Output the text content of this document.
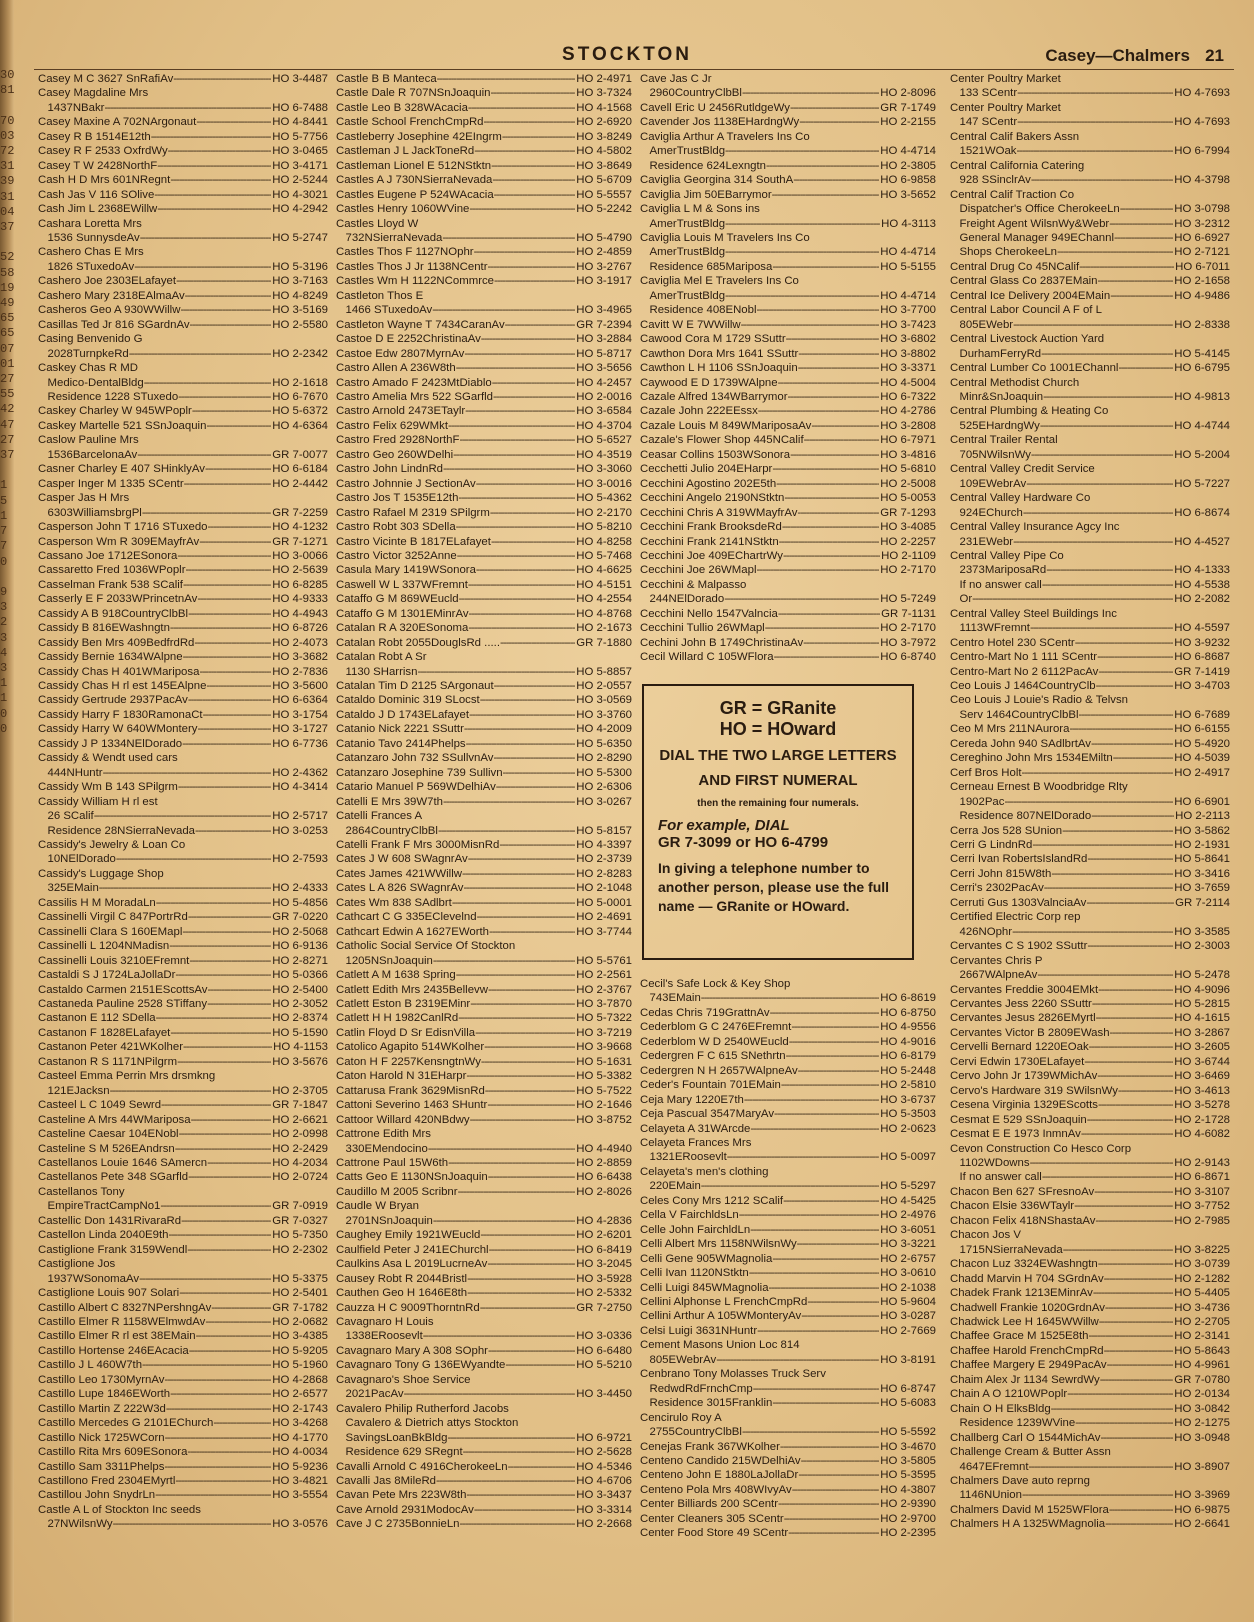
30
81

70
03
72
31
39
31
04
37

52
58
19
49
65
65
07
01
27
55
42
47
27
37

1
5
1
7
7
0

9
3
2
3
4
3
1
1
0
0
STOCKTON	Casey—Chalmers 21
Casey M C 3627 SnRafiAv -----	HO 3-4487
Casey Magdaline Mrs
1437NBakr -----	HO 6-7488
Casey Maxine A 702NArgonaut -----	HO 4-8441
Casey R B 1514E12th -----	HO 5-7756
Casey R F 2533 OxfrdWy -----	HO 3-0465
Casey T W 2428NorthF -----	HO 3-4171
Cash H D Mrs 601NRegnt -----	HO 2-5244
Cash Jas V 116 SOlive -----	HO 4-3021
Cash Jim L 2368EWillw -----	HO 4-2942
Cashara Loretta Mrs
1536 SunnysdeAv -----	HO 5-2747
Cashero Chas E Mrs
1826 STuxedoAv -----	HO 5-3196
Cashero Joe 2303ELafayet -----	HO 3-7163
Cashero Mary 2318EAlmaAv -----	HO 4-8249
Casheros Geo A 930WWillw -----	HO 3-5169
Casillas Ted Jr 816 SGardnAv -----	HO 2-5580
Casing Benvenido G
2028TurnpkeRd -----	HO 2-2342
Caskey Chas R MD
Medico-DentalBldg -----	HO 2-1618
Residence 1228 STuxedo -----	HO 6-7670
Caskey Charley W 945WPoplr -----	HO 5-6372
Caskey Martelle 521 SSnJoaquin -----	HO 4-6364
Caslow Pauline Mrs
1536BarcelonaAv -----	GR 7-0077
Casner Charley E 407 SHinklyAv -----	HO 6-6184
Casper Inger M 1335 SCentr -----	HO 2-4442
Casper Jas H Mrs
6303WilliamsbrgPl -----	GR 7-2259
Casperson John T 1716 STuxedo -----	HO 4-1232
Casperson Wm R 309EMayfrAv -----	GR 7-1271
Cassano Joe 1712ESonora -----	HO 3-0066
Cassaretto Fred 1036WPoplr -----	HO 2-5639
Casselman Frank 538 SCalif -----	HO 6-8285
Casserly E F 2033WPrincetnAv -----	HO 4-9333
Cassidy A B 918CountryClbBl -----	HO 4-4943
Cassidy B 816EWashngtn -----	HO 6-8726
Cassidy Ben Mrs 409BedfrdRd -----	HO 2-4073
Cassidy Bernie 1634WAlpne -----	HO 3-3682
Cassidy Chas H 401WMariposa -----	HO 2-7836
Cassidy Chas H rl est 145EAlpne -----	HO 3-5600
Cassidy Gertrude 2937PacAv -----	HO 6-6364
Cassidy Harry F 1830RamonaCt -----	HO 3-1754
Cassidy Harry W 640WMontery -----	HO 3-1727
Cassidy J P 1334NElDorado -----	HO 6-7736
Cassidy & Wendt used cars
444NHuntr -----	HO 2-4362
Cassidy Wm B 143 SPilgrm -----	HO 4-3414
Cassidy William H rl est
26 SCalif -----	HO 2-5717
Residence 28NSierraNevada -----	HO 3-0253
Cassidy's Jewelry & Loan Co
10NElDorado -----	HO 2-7593
Cassidy's Luggage Shop
325EMain -----	HO 2-4333
Cassilis H M MoradaLn -----	HO 5-4856
Cassinelli Virgil C 847PortrRd -----	GR 7-0220
Cassinelli Clara S 160EMapl -----	HO 2-5068
Cassinelli L 1204NMadisn -----	HO 6-9136
Cassinelli Louis 3210EFremnt -----	HO 2-8271
Castaldi S J 1724LaJollaDr -----	HO 5-0366
Castaldo Carmen 2151EScottsAv -----	HO 2-5400
Castaneda Pauline 2528 STiffany -----	HO 2-3052
Castanon E 112 SDella -----	HO 2-8374
Castanon F 1828ELafayet -----	HO 5-1590
Castanon Peter 421WKolher -----	HO 4-1153
Castanon R S 1171NPilgrm -----	HO 3-5676
Casteel Emma Perrin Mrs drsmkng
121EJacksn -----	HO 2-3705
Casteel L C 1049 Sewrd -----	GR 7-1847
Casteline A Mrs 44WMariposa -----	HO 2-6621
Casteline Caesar 104ENobl -----	HO 2-0998
Casteline S M 526EAndrsn -----	HO 2-2429
Castellanos Louie 1646 SAmercn -----	HO 4-2034
Castellanos Pete 348 SGarfld -----	HO 2-0724
Castellanos Tony
EmpireTractCampNo1 -----	GR 7-0919
Castellic Don 1431RivaraRd -----	GR 7-0327
Castellon Linda 2040E9th -----	HO 5-7350
Castiglione Frank 3159Wendl -----	HO 2-2302
Castiglione Jos
1937WSonomaAv -----	HO 5-3375
Castiglione Louis 907 Solari -----	HO 2-5401
Castillo Albert C 8327NPershngAv -----	GR 7-1782
Castillo Elmer R 1158WElmwdAv -----	HO 2-0682
Castillo Elmer R rl est 38EMain -----	HO 3-4385
Castillo Hortense 246EAcacia -----	HO 5-9205
Castillo J L 460W7th -----	HO 5-1960
Castillo Leo 1730MyrnAv -----	HO 4-2868
Castillo Lupe 1846EWorth -----	HO 2-6577
Castillo Martin Z 222W3d -----	HO 2-1743
Castillo Mercedes G 2101EChurch -----	HO 3-4268
Castillo Nick 1725WCorn -----	HO 4-1770
Castillo Rita Mrs 609ESonora -----	HO 4-0034
Castillo Sam 3311Phelps -----	HO 5-9236
Castillono Fred 2304EMyrtl -----	HO 3-4821
Castillou John SnydrLn -----	HO 3-5554
Castle A L of Stockton Inc seeds
27NWilsnWy -----	HO 3-0576
Castle B B Manteca -----	HO 2-4971
Castle Dale R 707NSnJoaquin -----	HO 3-7324
Castle Leo B 328WAcacia -----	HO 4-1568
Castle School FrenchCmpRd -----	HO 2-6920
Castleberry Josephine 42EIngrm -----	HO 3-8249
Castleman J L JackToneRd -----	HO 4-5802
Castleman Lionel E 512NStktn -----	HO 3-8649
Castles A J 730NSierraNevada -----	HO 5-6709
Castles Eugene P 524WAcacia -----	HO 5-5557
Castles Henry 1060WVine -----	HO 5-2242
Castles Lloyd W
732NSierraNevada -----	HO 5-4790
Castles Thos F 1127NOphr -----	HO 2-4859
Castles Thos J Jr 1138NCentr -----	HO 3-2767
Castles Wm H 1122NCommrce -----	HO 3-1917
Castleton Thos E
1466 STuxedoAv -----	HO 3-4965
Castleton Wayne T 7434CaranAv -----	GR 7-2394
Castoe D E 2252ChristinaAv -----	HO 3-2884
Castoe Edw 2807MyrnAv -----	HO 5-8717
Castro Allen A 236W8th -----	HO 3-5656
Castro Amado F 2423MtDiablo -----	HO 4-2457
Castro Amelia Mrs 522 SGarfld -----	HO 2-0016
Castro Arnold 2473ETaylr -----	HO 3-6584
Castro Felix 629WMkt -----	HO 4-3704
Castro Fred 2928NorthF -----	HO 5-6527
Castro Geo 260WDelhi -----	HO 4-3519
Castro John LindnRd -----	HO 3-3060
Castro Johnnie J SectionAv -----	HO 3-0016
Castro Jos T 1535E12th -----	HO 5-4362
Castro Rafael M 2319 SPilgrm -----	HO 2-2170
Castro Robt 303 SDella -----	HO 5-8210
Castro Vicinte B 1817ELafayet -----	HO 4-8258
Castro Victor 3252Anne -----	HO 5-7468
Casula Mary 1419WSonora -----	HO 4-6625
Caswell W L 337WFremnt -----	HO 4-5151
Cataffo G M 869WEucld -----	HO 4-2554
Cataffo G M 1301EMinrAv -----	HO 4-8768
Catalan R A 320ESonoma -----	HO 2-1673
Catalan Robt 2055DouglsRd ..... -----	GR 7-1880
Catalan Robt A Sr
1130 SHarrisn -----	HO 5-8857
Catalan Tim D 2125 SArgonaut -----	HO 2-0557
Cataldo Dominic 319 SLocst -----	HO 3-0569
Cataldo J D 1743ELafayet -----	HO 3-3760
Catanio Nick 2221 SSuttr -----	HO 4-2009
Catanio Tavo 2414Phelps -----	HO 5-6350
Catanzaro John 732 SSullvnAv -----	HO 2-8290
Catanzaro Josephine 739 Sullivn -----	HO 5-5300
Catario Manuel P 569WDelhiAv -----	HO 2-6306
Catelli E Mrs 39W7th -----	HO 3-0267
Catelli Frances A
2864CountryClbBl -----	HO 5-8157
Catelli Frank F Mrs 3000MisnRd -----	HO 4-3397
Cates J W 608 SWagnrAv -----	HO 2-3739
Cates James 421WWillw -----	HO 2-8283
Cates L A 826 SWagnrAv -----	HO 2-1048
Cates Wm 838 SAdlbrt -----	HO 5-0001
Cathcart C G 335EClevelnd -----	HO 2-4691
Cathcart Edwin A 1627EWorth -----	HO 3-7744
Catholic Social Service Of Stockton
1205NSnJoaquin -----	HO 5-5761
Catlett A M 1638 Spring -----	HO 2-2561
Catlett Edith Mrs 2435Bellevw -----	HO 2-3767
Catlett Eston B 2319EMinr -----	HO 3-7870
Catlett H H 1982CanlRd -----	HO 5-7322
Catlin Floyd D Sr EdisnVilla -----	HO 3-7219
Catolico Agapito 514WKolher -----	HO 3-9668
Caton H F 2257KensngtnWy -----	HO 5-1631
Caton Harold N 31EHarpr -----	HO 5-3382
Cattarusa Frank 3629MisnRd -----	HO 5-7522
Cattoni Severino 1463 SHuntr -----	HO 2-1646
Cattoor Willard 420NBdwy -----	HO 3-8752
Cattrone Edith Mrs
330EMendocino -----	HO 4-4940
Cattrone Paul 15W6th -----	HO 2-8859
Catts Geo E 1130NSnJoaquin -----	HO 6-6438
Caudillo M 2005 Scribnr -----	HO 2-8026
Caudle W Bryan
2701NSnJoaquin -----	HO 4-2836
Caughey Emily 1921WEucld -----	HO 2-6201
Caulfield Peter J 241EChurchl -----	HO 6-8419
Caulkins Asa L 2019LucrneAv -----	HO 3-2045
Causey Robt R 2044Bristl -----	HO 3-5928
Cauthen Geo H 1646E8th -----	HO 2-5332
Cauzza H C 9009ThorntnRd -----	GR 7-2750
Cavagnaro H Louis
1338ERoosevlt -----	HO 3-0336
Cavagnaro Mary A 308 SOphr -----	HO 6-6480
Cavagnaro Tony G 136EWyandte -----	HO 5-5210
Cavagnaro's Shoe Service
2021PacAv -----	HO 3-4450
Cavalero Philip Rutherford Jacobs
Cavalero & Dietrich attys Stockton
SavingsLoanBkBldg -----	HO 6-9721
Residence 629 SRegnt -----	HO 2-5628
Cavalli Arnold C 4916CherokeeLn -----	HO 4-5346
Cavalli Jas 8MileRd -----	HO 4-6706
Cavan Pete Mrs 223W8th -----	HO 3-3437
Cave Arnold 2931ModocAv -----	HO 3-3314
Cave J C 2735BonnieLn -----	HO 2-2668
Cave Jas C Jr
2960CountryClbBl -----	HO 2-8096
Cavell Eric U 2456RutldgeWy -----	GR 7-1749
Cavender Jos 1138EHardngWy -----	HO 2-2155
Caviglia Arthur A Travelers Ins Co
AmerTrustBldg -----	HO 4-4714
Residence 624Lexngtn -----	HO 2-3805
Caviglia Georgina 314 SouthA -----	HO 6-9858
Caviglia Jim 50EBarrymor -----	HO 3-5652
Caviglia L M & Sons ins
AmerTrustBldg -----	HO 4-3113
Caviglia Louis M Travelers Ins Co
AmerTrustBldg -----	HO 4-4714
Residence 685Mariposa -----	HO 5-5155
Caviglia Mel E Travelers Ins Co
AmerTrustBldg -----	HO 4-4714
Residence 408ENobl -----	HO 3-7700
Cavitt W E 7WWillw -----	HO 3-7423
Cawood Cora M 1729 SSuttr -----	HO 3-6802
Cawthon Dora Mrs 1641 SSuttr -----	HO 3-8802
Cawthon L H 1106 SSnJoaquin -----	HO 3-3371
Caywood E D 1739WAlpne -----	HO 4-5004
Cazale Alfred 134WBarrymor -----	HO 6-7322
Cazale John 222EEssx -----	HO 4-2786
Cazale Louis M 849WMariposaAv -----	HO 3-2808
Cazale's Flower Shop 445NCalif -----	HO 6-7971
Ceasar Collins 1503WSonora -----	HO 3-4816
Cecchetti Julio 204EHarpr -----	HO 5-6810
Cecchini Agostino 202E5th -----	HO 2-5008
Cecchini Angelo 2190NStktn -----	HO 5-0053
Cecchini Chris A 319WMayfrAv -----	GR 7-1293
Cecchini Frank BrooksdeRd -----	HO 3-4085
Cecchini Frank 2141NStktn -----	HO 2-2257
Cecchini Joe 409EChartrWy -----	HO 2-1109
Cecchini Joe 26WMapl -----	HO 2-7170
Cecchini & Malpasso
244NElDorado -----	HO 5-7249
Cecchini Nello 1547Valncia -----	GR 7-1131
Cecchini Tullio 26WMapl -----	HO 2-7170
Cechini John B 1749ChristinaAv -----	HO 3-7972
Cecil Willard C 105WFlora -----	HO 6-8740
Center Poultry Market
133 SCentr -----	HO 4-7693
Center Poultry Market
147 SCentr -----	HO 4-7693
Central Calif Bakers Assn
1521WOak -----	HO 6-7994
Central California Catering
928 SSinclrAv -----	HO 4-3798
Central Calif Traction Co
Dispatcher's Office CherokeeLn -----	HO 3-0798
Freight Agent WilsnWy&Webr -----	HO 3-2312
General Manager 949EChannl -----	HO 6-6927
Shops CherokeeLn -----	HO 2-7121
Central Drug Co 45NCalif -----	HO 6-7011
Central Glass Co 2837EMain -----	HO 2-1658
Central Ice Delivery 2004EMain -----	HO 4-9486
Central Labor Council A F of L
805EWebr -----	HO 2-8338
Central Livestock Auction Yard
DurhamFerryRd -----	HO 5-4145
Central Lumber Co 1001EChannl -----	HO 6-6795
Central Methodist Church
Minr&SnJoaquin -----	HO 4-9813
Central Plumbing & Heating Co
525EHardngWy -----	HO 4-4744
Central Trailer Rental
705NWilsnWy -----	HO 5-2004
Central Valley Credit Service
109EWebrAv -----	HO 5-7227
Central Valley Hardware Co
924EChurch -----	HO 6-8674
Central Valley Insurance Agcy Inc
231EWebr -----	HO 4-4527
Central Valley Pipe Co
2373MariposaRd -----	HO 4-1333
If no answer call -----	HO 4-5538
Or -----	HO 2-2082
Central Valley Steel Buildings Inc
1113WFremnt -----	HO 4-5597
Centro Hotel 230 SCentr -----	HO 3-9232
Centro-Mart No 1 111 SCentr -----	HO 6-8687
Centro-Mart No 2 6112PacAv -----	GR 7-1419
Ceo Louis J 1464CountryClb -----	HO 3-4703
Ceo Louis J Louie's Radio & Telvsn
Serv 1464CountryClbBl -----	HO 6-7689
Ceo M Mrs 211NAurora -----	HO 6-6155
Cereda John 940 SAdlbrtAv -----	HO 5-4920
Cereghino John Mrs 1534EMiltn -----	HO 4-5039
Cerf Bros Holt -----	HO 2-4917
Cerneau Ernest B Woodbridge Rlty
1902Pac -----	HO 6-6901
Residence 807NElDorado -----	HO 2-2113
Cerra Jos 528 SUnion -----	HO 3-5862
Cerri G LindnRd -----	HO 2-1931
Cerri Ivan RobertsIslandRd -----	HO 5-8641
Cerri John 815W8th -----	HO 3-3416
Cerri's 2302PacAv -----	HO 3-7659
Cerruti Gus 1303ValnciaAv -----	GR 7-2114
Certified Electric Corp rep
426NOphr -----	HO 3-3585
Cervantes C S 1902 SSuttr -----	HO 2-3003
Cervantes Chris P
2667WAlpneAv -----	HO 5-2478
Cervantes Freddie 3004EMkt -----	HO 4-9096
Cervantes Jess 2260 SSuttr -----	HO 5-2815
Cervantes Jesus 2826EMyrtl -----	HO 4-1615
Cervantes Victor B 2809EWash -----	HO 3-2867
Cervelli Bernard 1220EOak -----	HO 3-2605
Cervi Edwin 1730ELafayet -----	HO 3-6744
Cervo John Jr 1739WMichAv -----	HO 3-6469
Cervo's Hardware 319 SWilsnWy -----	HO 3-4613
Cesena Virginia 1329EScotts -----	HO 3-5278
Cesmat E 529 SSnJoaquin -----	HO 2-1728
Cesmat E E 1973 InmnAv -----	HO 4-6082
Cevon Construction Co Hesco Corp
1102WDowns -----	HO 2-9143
If no answer call -----	HO 6-8671
Chacon Ben 627 SFresnoAv -----	HO 3-3107
Chacon Elsie 336WTaylr -----	HO 3-7752
Chacon Felix 418NShastaAv -----	HO 2-7985
Chacon Jos V
1715NSierraNevada -----	HO 3-8225
Chacon Luz 3324EWashngtn -----	HO 3-0739
Chadd Marvin H 704 SGrdnAv -----	HO 2-1282
Chadek Frank 1213EMinrAv -----	HO 5-4405
Chadwell Frankie 1020GrdnAv -----	HO 3-4736
Chadwick Lee H 1645WWillw -----	HO 2-2705
Chaffee Grace M 1525E8th -----	HO 2-3141
Chaffee Harold FrenchCmpRd -----	HO 5-8643
Chaffee Margery E 2949PacAv -----	HO 4-9961
Chaim Alex Jr 1134 SewrdWy -----	GR 7-0780
Chain A O 1210WPoplr -----	HO 2-0134
Chain O H ElksBldg -----	HO 3-0842
Residence 1239WVine -----	HO 2-1275
Challberg Carl O 1544MichAv -----	HO 3-0948
Challenge Cream & Butter Assn
4647EFremnt -----	HO 3-8907
Chalmers Dave auto reprng
1146NUnion -----	HO 3-3969
Chalmers David M 1525WFlora -----	HO 6-9875
Chalmers H A 1325WMagnolia -----	HO 2-6641
Cecil's Safe Lock & Key Shop
743EMain -----	HO 6-8619
Cedas Chris 719GrattnAv -----	HO 6-8750
Cederblom G C 2476EFremnt -----	HO 4-9556
Cederblom W D 2540WEucld -----	HO 4-9016
Cedergren F C 615 SNethrtn -----	HO 6-8179
Cedergren N H 2657WAlpneAv -----	HO 5-2448
Ceder's Fountain 701EMain -----	HO 2-5810
Ceja Mary 1220E7th -----	HO 3-6737
Ceja Pascual 3547MaryAv -----	HO 5-3503
Celayeta A 31WArcde -----	HO 2-0623
Celayeta Frances Mrs
1321ERoosevlt -----	HO 5-0097
Celayeta's men's clothing
220EMain -----	HO 5-5297
Celes Cony Mrs 1212 SCalif -----	HO 4-5425
Cella V FairchldsLn -----	HO 2-4976
Celle John FairchldLn -----	HO 3-6051
Celli Albert Mrs 1158NWilsnWy -----	HO 3-3221
Celli Gene 905WMagnolia -----	HO 2-6757
Celli Ivan 1120NStktn -----	HO 3-0610
Celli Luigi 845WMagnolia -----	HO 2-1038
Cellini Alphonse L FrenchCmpRd -----	HO 5-9604
Cellini Arthur A 105WMonteryAv -----	HO 3-0287
Celsi Luigi 3631NHuntr -----	HO 2-7669
Cement Masons Union Loc 814
805EWebrAv -----	HO 3-8191
Cenbrano Tony Molasses Truck Serv
RedwdRdFrnchCmp -----	HO 6-8747
Residence 3015Franklin -----	HO 5-6083
Cencirulo Roy A
2755CountryClbBl -----	HO 5-5592
Cenejas Frank 367WKolher -----	HO 3-4670
Centeno Candido 215WDelhiAv -----	HO 3-5805
Centeno John E 1880LaJollaDr -----	HO 5-3595
Centeno Pola Mrs 408WIvyAv -----	HO 4-3807
Center Billiards 200 SCentr -----	HO 2-9390
Center Cleaners 305 SCentr -----	HO 2-9700
Center Food Store 49 SCentr -----	HO 2-2395
GR = GRanite
HO = HOward
DIAL THE TWO LARGE LETTERS
AND FIRST NUMERAL
then the remaining four numerals.
For example, DIAL
GR 7-3099 or HO 6-4799
In giving a telephone number to another person, please use the full name — GRanite or HOward.
